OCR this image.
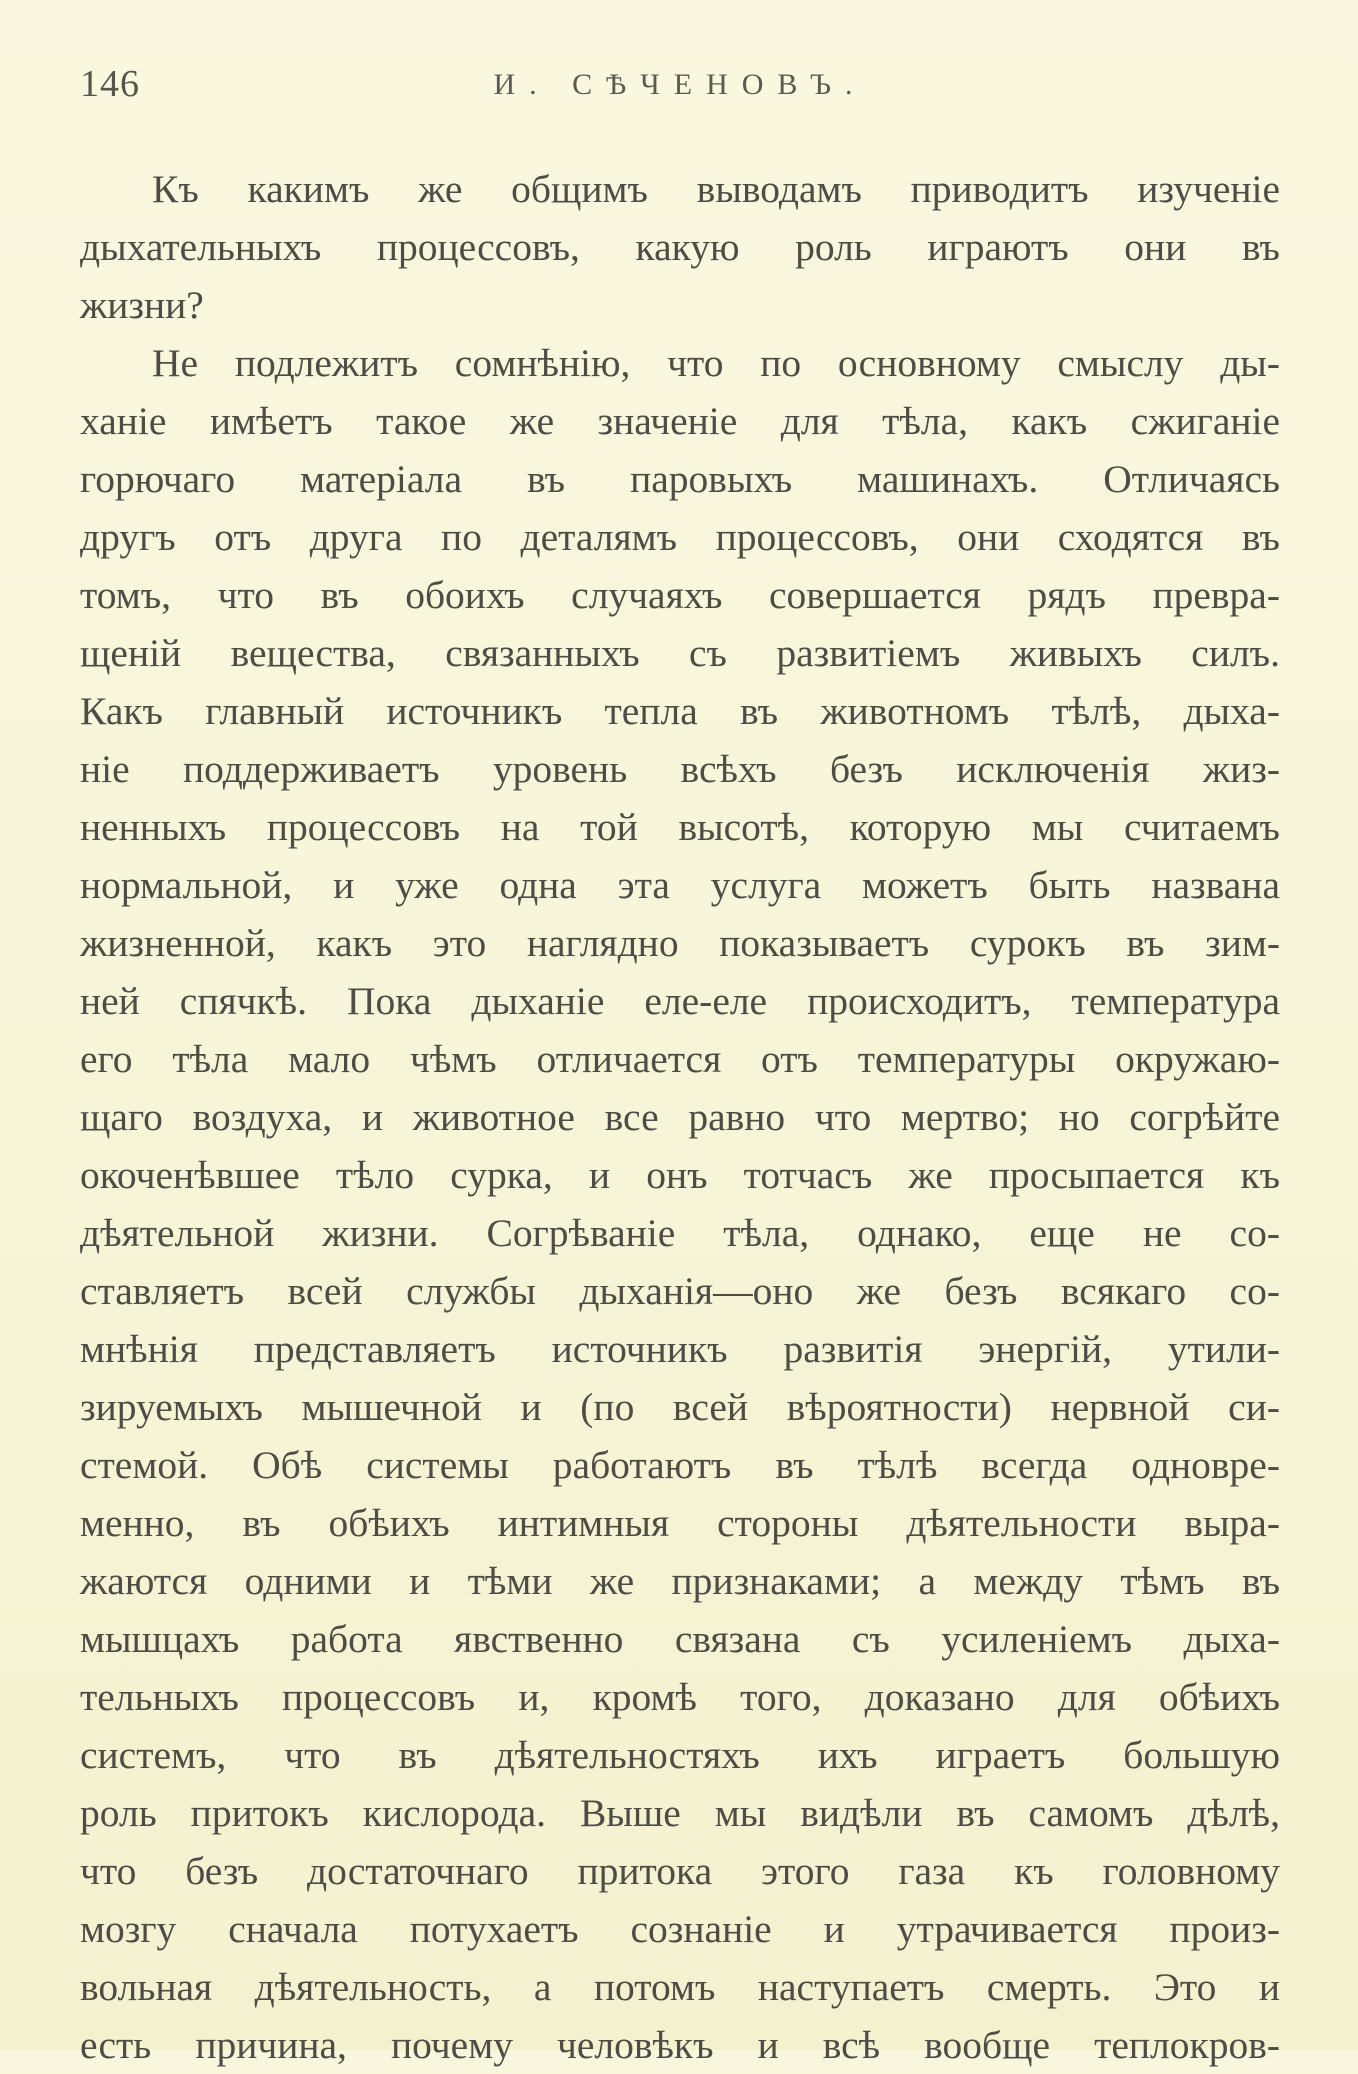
146	И. СѢЧЕНОВЪ.
Къ какимъ же общимъ выводамъ приводитъ изученіе
дыхательныхъ процессовъ, какую роль играютъ они въ
жизни?
Не подлежитъ сомнѣнію, что по основному смыслу ды-
ханіе имѣетъ такое же значеніе для тѣла, какъ сжиганіе
горючаго матеріала въ паровыхъ машинахъ. Отличаясь
другъ отъ друга по деталямъ процессовъ, они сходятся въ
томъ, что въ обоихъ случаяхъ совершается рядъ превра-
щеній вещества, связанныхъ съ развитіемъ живыхъ силъ.
Какъ главный источникъ тепла въ животномъ тѣлѣ, дыха-
ніе поддерживаетъ уровень всѣхъ безъ исключенія жиз-
ненныхъ процессовъ на той высотѣ, которую мы считаемъ
нормальной, и уже одна эта услуга можетъ быть названа
жизненной, какъ это наглядно показываетъ сурокъ въ зим-
ней спячкѣ. Пока дыханіе еле-еле происходитъ, температура
его тѣла мало чѣмъ отличается отъ температуры окружаю-
щаго воздуха, и животное все равно что мертво; но согрѣйте
окоченѣвшее тѣло сурка, и онъ тотчасъ же просыпается къ
дѣятельной жизни. Согрѣваніе тѣла, однако, еще не со-
ставляетъ всей службы дыханія—оно же безъ всякаго со-
мнѣнія представляетъ источникъ развитія энергій, утили-
зируемыхъ мышечной и (по всей вѣроятности) нервной си-
стемой. Обѣ системы работаютъ въ тѣлѣ всегда одновре-
менно, въ обѣихъ интимныя стороны дѣятельности выра-
жаются одними и тѣми же признаками; а между тѣмъ въ
мышцахъ работа явственно связана съ усиленіемъ дыха-
тельныхъ процессовъ и, кромѣ того, доказано для обѣихъ
системъ, что въ дѣятельностяхъ ихъ играетъ большую
роль притокъ кислорода. Выше мы видѣли въ самомъ дѣлѣ,
что безъ достаточнаго притока этого газа къ головному
мозгу сначала потухаетъ сознаніе и утрачивается произ-
вольная дѣятельность, а потомъ наступаетъ смерть. Это и
есть причина, почему человѣкъ и всѣ вообще теплокров-
